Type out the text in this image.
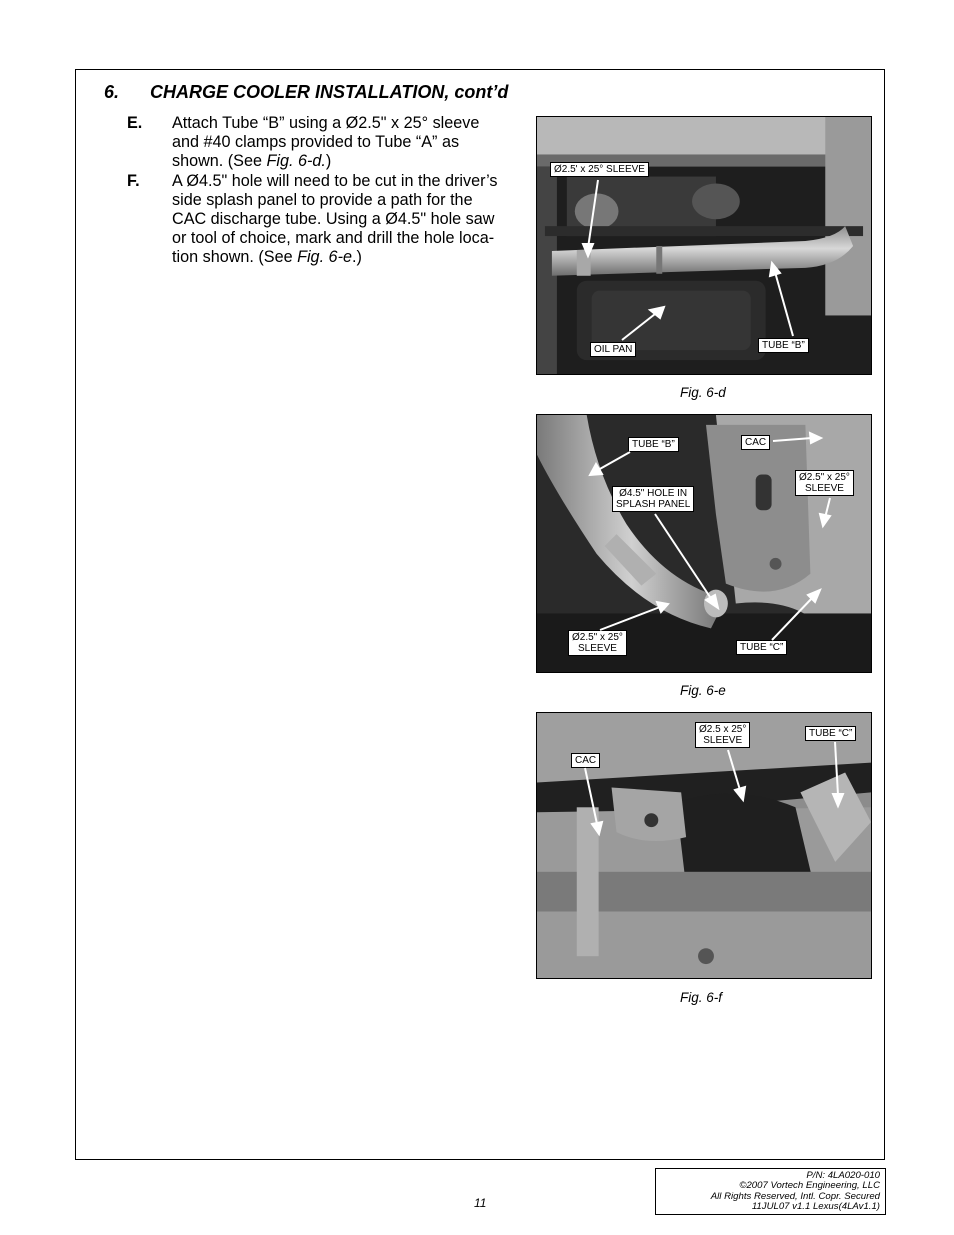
6. CHARGE COOLER INSTALLATION, cont’d
E. Attach Tube “B” using a Ø2.5" x 25° sleeve
and #40 clamps provided to Tube “A” as
shown. (See Fig. 6-d.)
F. A Ø4.5" hole will need to be cut in the driver’s
side splash panel to provide a path for the
CAC discharge tube. Using a Ø4.5" hole saw
or tool of choice, mark and drill the hole loca-
tion shown. (See Fig. 6-e.)
Ø2.5' x 25° SLEEVE
OIL PAN	TUBE “B”
Fig. 6-d
TUBE “B”	CAC
Ø2.5" x 25°
SLEEVE
Ø4.5" HOLE IN
SPLASH PANEL
Ø2.5" x 25°
SLEEVE	TUBE “C”
Fig. 6-e
Ø2.5 x 25°
SLEEVE
TUBE “C”
CAC
Fig. 6-f
11
P/N: 4LA020-010
©2007 Vortech Engineering, LLC
All Rights Reserved, Intl. Copr. Secured
11JUL07 v1.1 Lexus(4LAv1.1)
